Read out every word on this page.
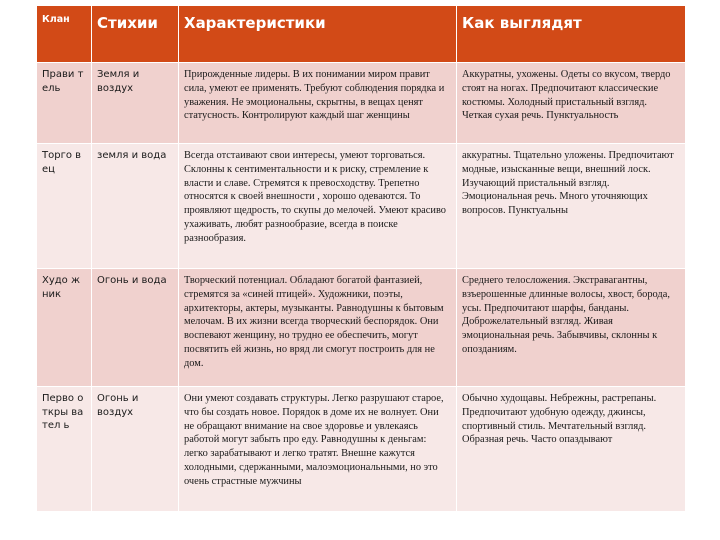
Клан	Стихии	Характеристики	Как выглядят

Прави тель	Земля и воздух	Прирожденные лидеры. В их понимании миром правит сила, умеют ее применять. Требуют соблюдения порядка и уважения. Не эмоциональны, скрытны, в вещах ценят статусность. Контролируют каждый шаг женщины	Аккуратны, ухожены. Одеты со вкусом, твердо стоят на ногах. Предпочитают классические костюмы. Холодный пристальный взгляд. Четкая сухая речь. Пунктуальность

Торго вец	земля и вода	Всегда отстаивают свои интересы, умеют торговаться. Склонны к сентиментальности и к риску, стремление к власти и славе. Стремятся к превосходству. Трепетно относятся к своей внешности , хорошо одеваются. То проявляют щедрость, то скупы до мелочей. Умеют красиво ухаживать, любят разнообразие, всегда в поиске разнообразия.	аккуратны. Тщательно уложены. Предпочитают модные, изысканные вещи, внешний лоск. Изучающий пристальный взгляд. Эмоциональная речь. Много уточняющих вопросов. Пунктуальны

Худо жник	Огонь и вода	Творческий потенциал. Обладают богатой фантазией, стремятся за «синей птицей». Художники, поэты, архитекторы, актеры, музыканты. Равнодушны к бытовым мелочам. В их жизни всегда творческий беспорядок. Они воспевают женщину, но трудно ее обеспечить, могут посвятить ей жизнь, но вряд ли смогут построить для не дом.	Среднего телосложения. Экстравагантны, взъерошенные длинные волосы, хвост, борода, усы. Предпочитают шарфы, банданы. Доброжелательный взгляд. Живая эмоциональная речь. Забывчивы, склонны к опозданиям.

Перво откры вател ь	Огонь и воздух	Они умеют создавать структуры. Легко разрушают старое, что бы создать новое. Порядок в доме их не волнует. Они не обращают внимание на свое здоровье и увлекаясь работой могут забыть про еду. Равнодушны к деньгам: легко зарабатывают и легко тратят. Внешне кажутся холодными, сдержанными, малоэмоциональными, но это очень страстные мужчины	Обычно худощавы. Небрежны, растрепаны. Предпочитают удобную одежду, джинсы, спортивный стиль. Мечтательный взгляд. Образная речь. Часто опаздывают
